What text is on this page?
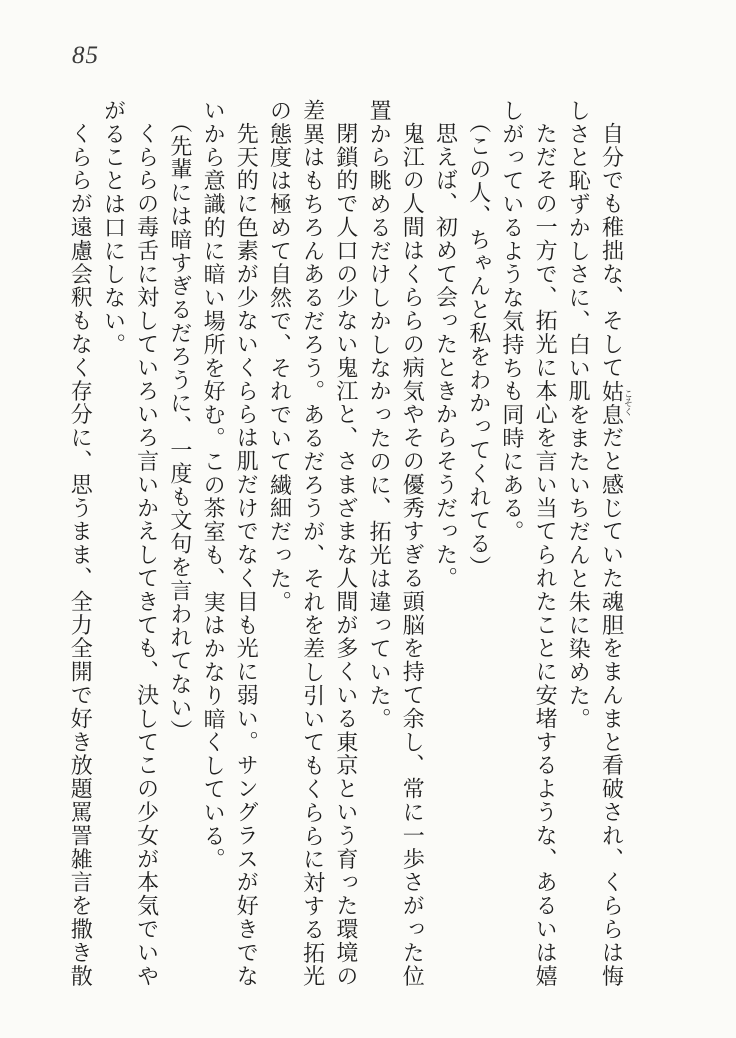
85
自分でも稚拙な、そして姑息こそくだと感じていた魂胆をまんまと看破され、くららは悔
しさと恥ずかしさに、白い肌をまたいちだんと朱に染めた。
ただその一方で、拓光に本心を言い当てられたことに安堵するような、あるいは嬉
しがっているような気持ちも同時にある。
（この人、ちゃんと私をわかってくれてる）
思えば、初めて会ったときからそうだった。
鬼江の人間はくららの病気やその優秀すぎる頭脳を持て余し、常に一歩さがった位
置から眺めるだけしかしなかったのに、拓光は違っていた。
閉鎖的で人口の少ない鬼江と、さまざまな人間が多くいる東京という育った環境の
差異はもちろんあるだろう。あるだろうが、それを差し引いてもくららに対する拓光
の態度は極めて自然で、それでいて繊細だった。
先天的に色素が少ないくららは肌だけでなく目も光に弱い。サングラスが好きでな
いから意識的に暗い場所を好む。この茶室も、実はかなり暗くしている。
（先輩には暗すぎるだろうに、一度も文句を言われてない）
くららの毒舌に対していろいろ言いかえしてきても、決してこの少女が本気でいや
がることは口にしない。
くららが遠慮会釈もなく存分に、思うまま、全力全開で好き放題罵詈雑言を撒き散
